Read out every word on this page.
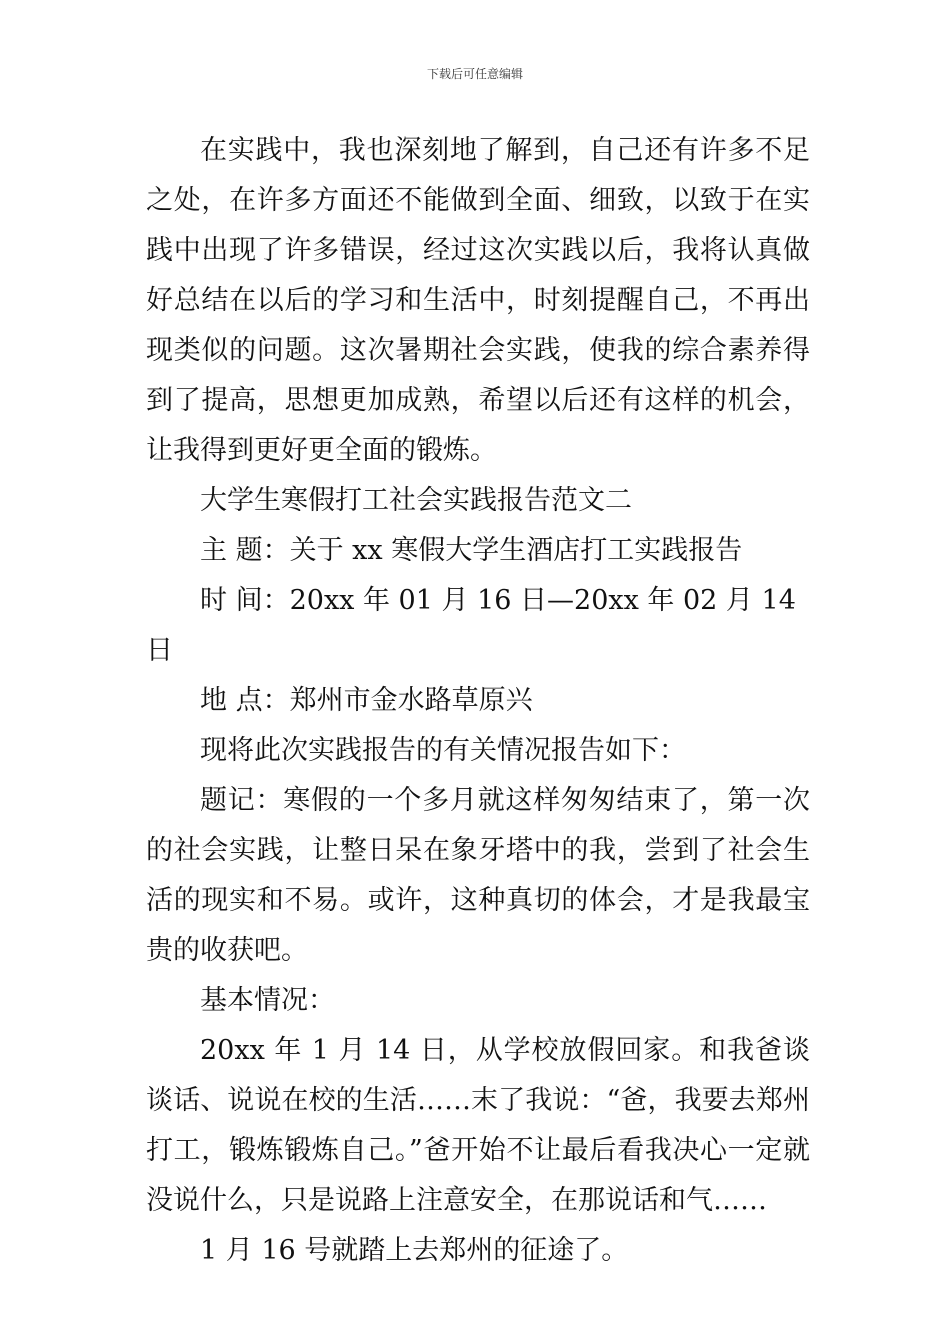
下载后可任意编辑

在实践中，我也深刻地了解到，自己还有许多不足之处，在许多方面还不能做到全面、细致，以致于在实践中出现了许多错误，经过这次实践以后，我将认真做好总结在以后的学习和生活中，时刻提醒自己，不再出现类似的问题。这次暑期社会实践，使我的综合素养得到了提高，思想更加成熟，希望以后还有这样的机会，让我得到更好更全面的锻炼。

大学生寒假打工社会实践报告范文二

主 题：关于 xx 寒假大学生酒店打工实践报告

时 间：20xx 年 01 月 16 日—20xx 年 02 月 14 日

地 点：郑州市金水路草原兴

现将此次实践报告的有关情况报告如下：

题记：寒假的一个多月就这样匆匆结束了，第一次的社会实践，让整日呆在象牙塔中的我，尝到了社会生活的现实和不易。或许，这种真切的体会，才是我最宝贵的收获吧。

基本情况：

20xx 年 1 月 14 日，从学校放假回家。和我爸谈谈话、说说在校的生活……末了我说：“爸，我要去郑州打工，锻炼锻炼自己。”爸开始不让最后看我决心一定就没说什么，只是说路上注意安全，在那说话和气……

1 月 16 号就踏上去郑州的征途了。
